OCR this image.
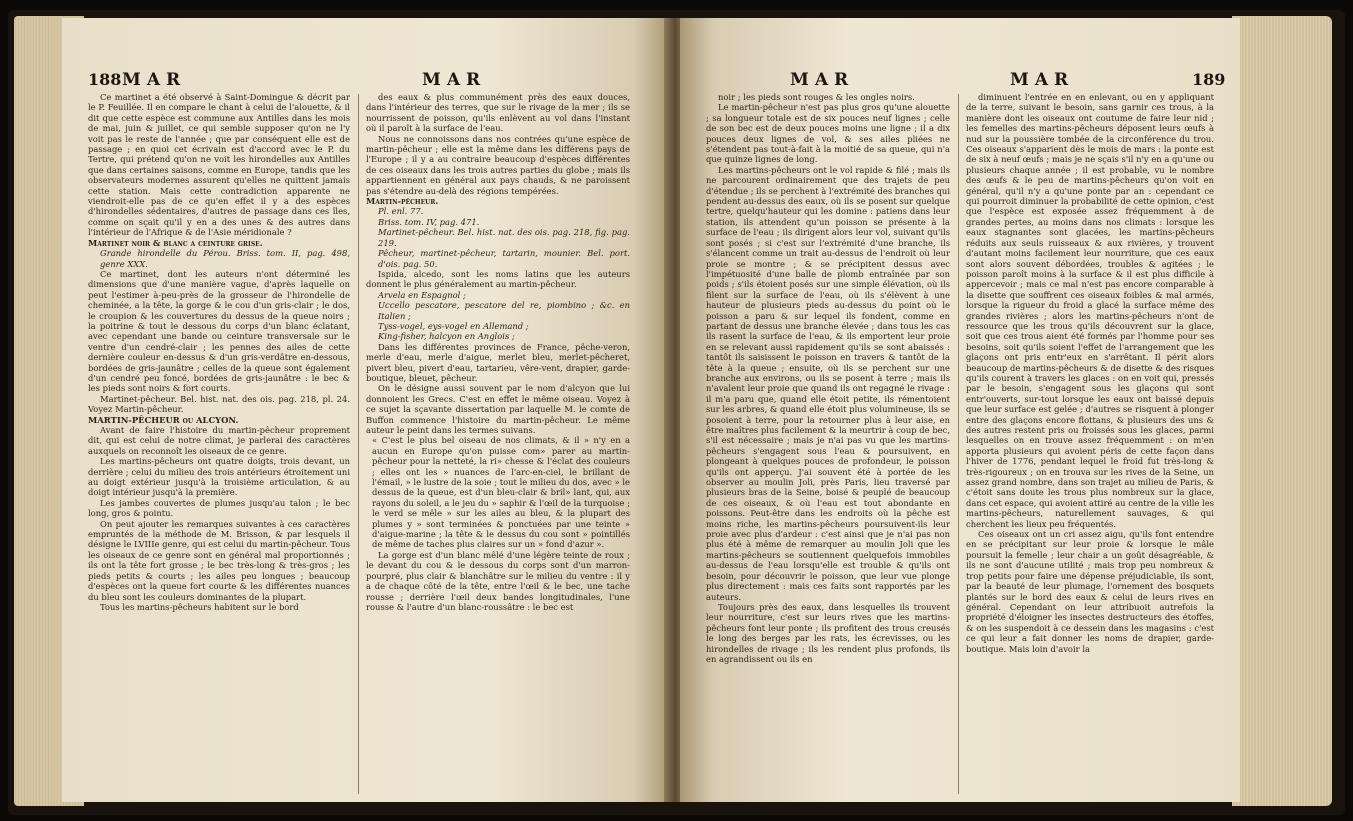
188 MAR	MAR

Ce martinet a été observé à Saint-Domingue & décrit par le P. Feuillée. Il en compare le chant à celui de l'alouette, & il dit que cette espèce est commune aux Antilles dans les mois de mai, juin & juillet, ce qui semble supposer qu'on ne l'y voit pas le reste de l'année ; que par conséquent elle est de passage ; en quoi cet écrivain est d'accord avec le P. du Tertre, qui prétend qu'on ne voit les hirondelles aux Antilles que dans certaines saisons, comme en Europe, tandis que les observateurs modernes assurent qu'elles ne quittent jamais cette station. Mais cette contradiction apparente ne viendroit-elle pas de ce qu'en effet il y a des espèces d'hirondelles sédentaires, d'autres de passage dans ces îles, comme on sçait qu'il y en a des unes & des autres dans l'intérieur de l'Afrique & de l'Asie méridionale ?

Martinet noir & blanc a ceinture grise.

Grande hirondelle du Pérou. Briss. tom. II, pag. 498, genre XXX.

Ce martinet, dont les auteurs n'ont déterminé les dimensions que d'une manière vague, d'après laquelle on peut l'estimer à-peu-près de la grosseur de l'hirondelle de cheminée, a la tête, la gorge & le cou d'un gris-clair ; le dos, le croupion & les couvertures du dessus de la queue noirs ; la poitrine & tout le dessous du corps d'un blanc éclatant, avec cependant une bande ou ceinture transversale sur le ventre d'un cendré-clair ; les pennes des ailes de cette dernière couleur en-dessus & d'un gris-verdâtre en-dessous, bordées de gris-jaunâtre ; celles de la queue sont également d'un cendré peu foncé, bordées de gris-jaunâtre : le bec & les pieds sont noirs & fort courts.

Martinet-pêcheur. Bel. hist. nat. des ois. pag. 218, pl. 24. Voyez Martin-pêcheur.

MARTIN-PÊCHEUR ou ALCYON.

Avant de faire l'histoire du martin-pêcheur proprement dit, qui est celui de notre climat, je parlerai des caractères auxquels on reconnoît les oiseaux de ce genre.

Les martins-pêcheurs ont quatre doigts, trois devant, un derrière ; celui du milieu des trois antérieurs étroitement uni au doigt extérieur jusqu'à la troisième articulation, & au doigt intérieur jusqu'à la première.

Les jambes couvertes de plumes jusqu'au talon ; le bec long, gros & pointu.

On peut ajouter les remarques suivantes à ces caractères empruntés de la méthode de M. Brisson, & par lesquels il désigne le LVIIIe genre, qui est celui du martin-pêcheur. Tous les oiseaux de ce genre sont en général mal proportionnés ; ils ont la tête fort grosse ; le bec très-long & très-gros ; les pieds petits & courts ; les ailes peu longues ; beaucoup d'espèces ont la queue fort courte & les différentes nuances du bleu sont les couleurs dominantes de la plupart.

Tous les martins-pêcheurs habitent sur le bord

des eaux & plus communément près des eaux douces, dans l'intérieur des terres, que sur le rivage de la mer ; ils se nourrissent de poisson, qu'ils enlèvent au vol dans l'instant où il paroît à la surface de l'eau.

Nous ne connoissons dans nos contrées qu'une espèce de martin-pêcheur ; elle est la même dans les différens pays de l'Europe ; il y a au contraire beaucoup d'espèces différentes de ces oiseaux dans les trois autres parties du globe ; mais ils appartiennent en général aux pays chauds, & ne paroissent pas s'étendre au-delà des régions tempérées.

Martin-pêcheur.

Pl. enl. 77.

Briss. tom. IV, pag. 471.

Martinet-pêcheur. Bel. hist. nat. des ois. pag. 218, fig. pag. 219.

Pêcheur, martinet-pêcheur, tartarin, mounier. Bel. port. d'ois. pag. 50.

Ispida, alcedo, sont les noms latins que les auteurs donnent le plus généralement au martin-pêcheur.

Arvela en Espagnol ;

Uccello pescatore, pescatore del re, piombino ; &c. en Italien ;

Tyss-vogel, eys-vogel en Allemand ;

King-fisher, halcyon en Anglois ;

Dans les différentes provinces de France, pêche-veron, merle d'eau, merle d'aigue, merlet bleu, merlet-pêcheret, pivert bleu, pivert d'eau, tartarieu, vêre-vent, drapier, garde-boutique, bleuet, pêcheur.

On le désigne aussi souvent par le nom d'alcyon que lui donnoient les Grecs. C'est en effet le même oiseau. Voyez à ce sujet la sçavante dissertation par laquelle M. le comte de Buffon commence l'histoire du martin-pêcheur. Le même auteur le peint dans les termes suivans.

« C'est le plus bel oiseau de nos climats, & il » n'y en a aucun en Europe qu'on puisse com» parer au martin-pêcheur pour la netteté, la ri» chesse & l'éclat des couleurs ; elles ont les » nuances de l'arc-en-ciel, le brillant de l'émail, » le lustre de la soie ; tout le milieu du dos, avec » le dessus de la queue, est d'un bleu-clair & bril» lant, qui, aux rayons du soleil, a le jeu du » saphir & l'œil de la turquoise ; le verd se mêle » sur les ailes au bleu, & la plupart des plumes y » sont terminées & ponctuées par une teinte » d'aigue-marine ; la tête & le dessus du cou sont » pointillés de même de taches plus claires sur un » fond d'azur ».

La gorge est d'un blanc mêlé d'une légère teinte de roux ; le devant du cou & le dessous du corps sont d'un marron-pourpré, plus clair & blanchâtre sur le milieu du ventre : il y a de chaque côté de la tête, entre l'œil & le bec, une tache rousse ; derrière l'œil deux bandes longitudinales, l'une rousse & l'autre d'un blanc-roussâtre : le bec est

MAR	MAR	189

noir ; les pieds sont rouges & les ongles noirs.

Le martin-pêcheur n'est pas plus gros qu'une alouette ; sa longueur totale est de six pouces neuf lignes ; celle de son bec est de deux pouces moins une ligne ; il a dix pouces deux lignes de vol, & ses ailes pliées ne s'étendent pas tout-à-fait à la moitié de sa queue, qui n'a que quinze lignes de long.

Les martins-pêcheurs ont le vol rapide & filé ; mais ils ne parcourent ordinairement que des trajets de peu d'étendue ; ils se perchent à l'extrémité des branches qui pendent au-dessus des eaux, où ils se posent sur quelque tertre, quelqu'hauteur qui les domine : patiens dans leur station, ils attendent qu'un poisson se présente à la surface de l'eau ; ils dirigent alors leur vol, suivant qu'ils sont posés ; si c'est sur l'extrémité d'une branche, ils s'élancent comme un trait au-dessus de l'endroit où leur proie se montre ; & se précipitent dessus avec l'impétuosité d'une balle de plomb entraînée par son poids ; s'ils étoient posés sur une simple élévation, où ils filent sur la surface de l'eau, où ils s'élèvent à une hauteur de plusieurs pieds au-dessus du point où le poisson a paru & sur lequel ils fondent, comme en partant de dessus une branche élevée ; dans tous les cas ils rasent la surface de l'eau, & ils emportent leur proie en se relevant aussi rapidement qu'ils se sont abaissés : tantôt ils saisissent le poisson en travers & tantôt de la tête à la queue ; ensuite, où ils se perchent sur une branche aux environs, ou ils se posent à terre ; mais ils n'avalent leur proie que quand ils ont regagné le rivage : il m'a paru que, quand elle étoit petite, ils rémentoient sur les arbres, & quand elle étoit plus volumineuse, ils se posoient à terre, pour la retourner plus à leur aise, en être maîtres plus facilement & la meurtrir à coup de bec, s'il est nécessaire ; mais je n'ai pas vu que les martins-pêcheurs s'engagent sous l'eau & poursuivent, en plongeant à quelques pouces de profondeur, le poisson qu'ils ont apperçu. J'ai souvent été à portée de les observer au moulin Joli, près Paris, lieu traversé par plusieurs bras de la Seine, boisé & peuplé de beaucoup de ces oiseaux, & où l'eau est tout abondante en poissons. Peut-être dans les endroits où la pêche est moins riche, les martins-pêcheurs poursuivent-ils leur proie avec plus d'ardeur : c'est ainsi que je n'ai pas non plus été à même de remarquer au moulin Joli que les martins-pêcheurs se soutiennent quelquefois immobiles au-dessus de l'eau lorsqu'elle est trouble & qu'ils ont besoin, pour découvrir le poisson, que leur vue plonge plus directement : mais ces faits sont rapportés par les auteurs.

Toujours près des eaux, dans lesquelles ils trouvent leur nourriture, c'est sur leurs rives que les martins-pêcheurs font leur ponte ; ils profitent des trous creusés le long des berges par les rats, les écrevisses, ou les hirondelles de rivage ; ils les rendent plus profonds, ils en agrandissent ou ils en

diminuent l'entrée en en enlevant, ou en y appliquant de la terre, suivant le besoin, sans garnir ces trous, à la manière dont les oiseaux ont coutume de faire leur nid ; les femelles des martins-pêcheurs déposent leurs œufs à nud sur la poussière tombée de la circonférence du trou. Ces oiseaux s'apparient dès le mois de mars : la ponte est de six à neuf œufs ; mais je ne sçais s'il n'y en a qu'une ou plusieurs chaque année ; il est probable, vu le nombre des œufs & le peu de martins-pêcheurs qu'on voit en général, qu'il n'y a qu'une ponte par an : cependant ce qui pourroit diminuer la probabilité de cette opinion, c'est que l'espèce est exposée assez fréquemment à de grandes pertes, au moins dans nos climats : lorsque les eaux stagnantes sont glacées, les martins-pêcheurs réduits aux seuls ruisseaux & aux rivières, y trouvent d'autant moins facilement leur nourriture, que ces eaux sont alors souvent débordées, troubles & agitées ; le poisson paroît moins à la surface & il est plus difficile à appercevoir ; mais ce mal n'est pas encore comparable à la disette que souffrent ces oiseaux foibles & mal armés, lorsque la rigueur du froid a glacé la surface même des grandes rivières ; alors les martins-pêcheurs n'ont de ressource que les trous qu'ils découvrent sur la glace, soit que ces trous aient été formés par l'homme pour ses besoins, soit qu'ils soient l'effet de l'arrangement que les glaçons ont pris entr'eux en s'arrêtant. Il périt alors beaucoup de martins-pêcheurs & de disette & des risques qu'ils courent à travers les glaces : on en voit qui, pressés par le besoin, s'engagent sous les glaçons qui sont entr'ouverts, sur-tout lorsque les eaux ont baissé depuis que leur surface est gelée ; d'autres se risquent à plonger entre des glaçons encore flottans, & plusieurs des uns & des autres restent pris ou froissés sous les glaces, parmi lesquelles on en trouve assez fréquemment : on m'en apporta plusieurs qui avoient péris de cette façon dans l'hiver de 1776, pendant lequel le froid fut très-long & très-rigoureux ; on en trouva sur les rives de la Seine, un assez grand nombre, dans son trajet au milieu de Paris, & c'étoit sans doute les trous plus nombreux sur la glace, dans cet espace, qui avoient attiré au centre de la ville les martins-pêcheurs, naturellement sauvages, & qui cherchent les lieux peu fréquentés.

Ces oiseaux ont un cri assez aigu, qu'ils font entendre en se précipitant sur leur proie & lorsque le mâle poursuit la femelle ; leur chair a un goût désagréable, & ils ne sont d'aucune utilité ; mais trop peu nombreux & trop petits pour faire une dépense préjudiciable, ils sont, par la beauté de leur plumage, l'ornement des bosquets plantés sur le bord des eaux & celui de leurs rives en général. Cependant on leur attribuoit autrefois la propriété d'éloigner les insectes destructeurs des étoffes, & on les suspendoit à ce dessein dans les magasins : c'est ce qui leur a fait donner les noms de drapier, garde-boutique. Mais loin d'avoir la
